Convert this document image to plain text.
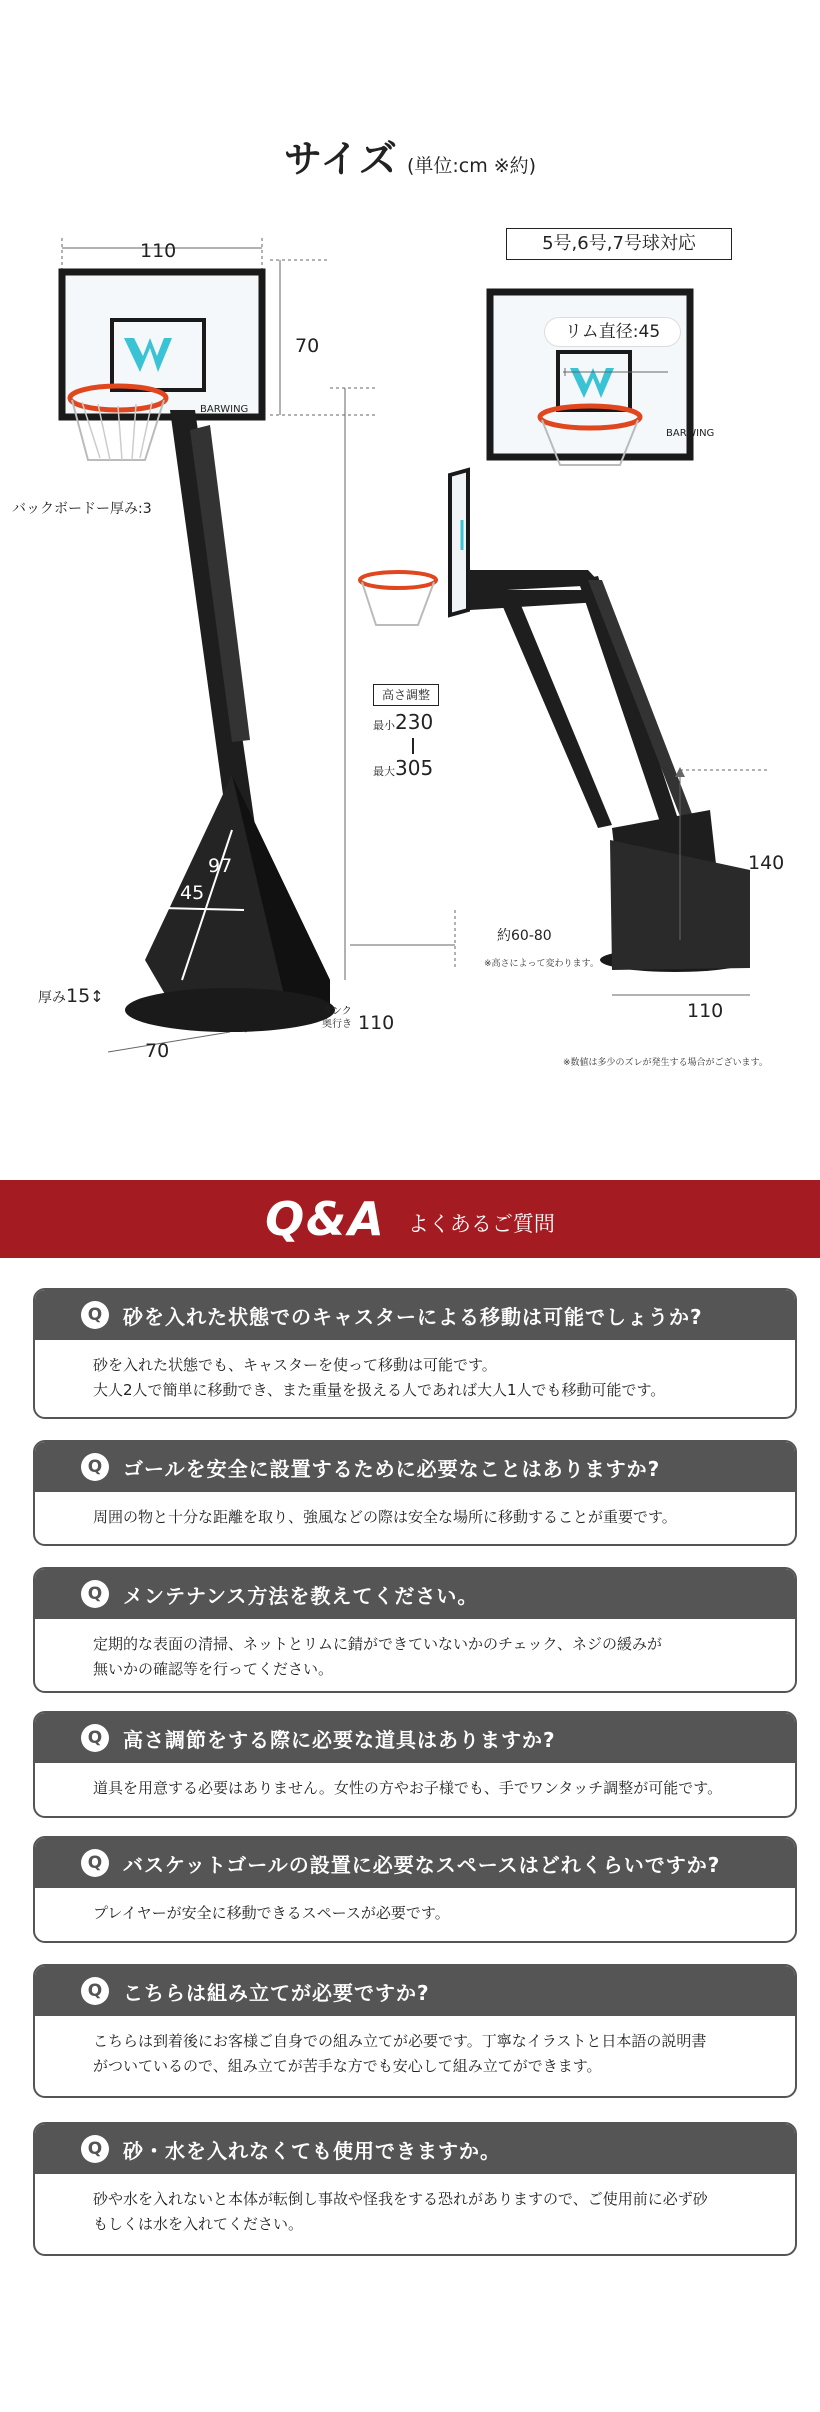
サイズ (単位:cm ※約)
BARWING
110
70
バックボードー厚み:3
97
45
厚み15↕
70
タンク
奥行き 110
BARWING
5号,6号,7号球対応
リム直径:45
高さ調整
最小230
最大305
140
約60-80
※高さによって変わります。
110
※数値は多少のズレが発生する場合がございます。
Q&A よくあるご質問
Q	砂を入れた状態でのキャスターによる移動は可能でしょうか?
砂を入れた状態でも、キャスターを使って移動は可能です。
大人2人で簡単に移動でき、また重量を扱える人であれば大人1人でも移動可能です。
Q	ゴールを安全に設置するために必要なことはありますか?
周囲の物と十分な距離を取り、強風などの際は安全な場所に移動することが重要です。
Q	メンテナンス方法を教えてください。
定期的な表面の清掃、ネットとリムに錆ができていないかのチェック、ネジの緩みが
無いかの確認等を行ってください。
Q	高さ調節をする際に必要な道具はありますか?
道具を用意する必要はありません。女性の方やお子様でも、手でワンタッチ調整が可能です。
Q	バスケットゴールの設置に必要なスペースはどれくらいですか?
プレイヤーが安全に移動できるスペースが必要です。
Q	こちらは組み立てが必要ですか?
こちらは到着後にお客様ご自身での組み立てが必要です。丁寧なイラストと日本語の説明書
がついているので、組み立てが苦手な方でも安心して組み立てができます。
Q	砂・水を入れなくても使用できますか。
砂や水を入れないと本体が転倒し事故や怪我をする恐れがありますので、ご使用前に必ず砂
もしくは水を入れてください。
